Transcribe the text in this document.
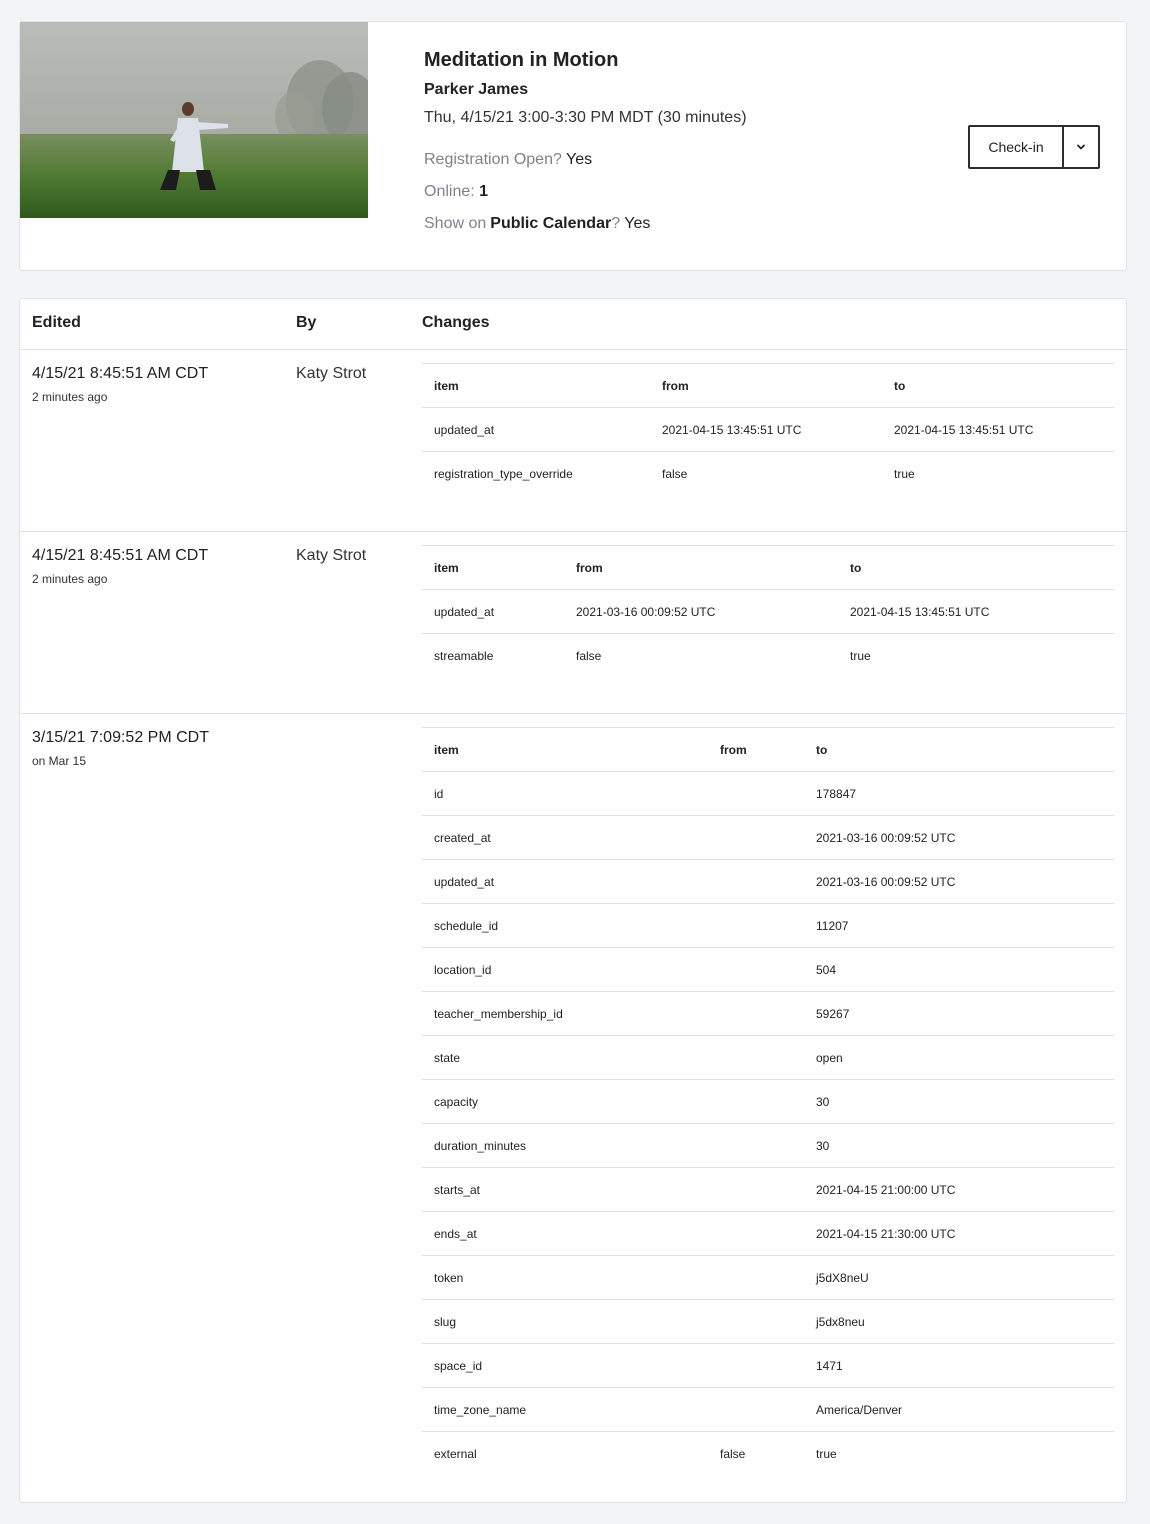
Meditation in Motion
Parker James
Thu, 4/15/21 3:00-3:30 PM MDT (30 minutes)
Registration Open? Yes
Online: 1
Show on Public Calendar? Yes
Check-in
Edited	By	Changes
4/15/21 8:45:51 AM CDT
2 minutes ago
Katy Strot
item	from	to
updated_at	2021-04-15 13:45:51 UTC	2021-04-15 13:45:51 UTC
registration_type_override	false	true
4/15/21 8:45:51 AM CDT
2 minutes ago
Katy Strot
item	from	to
updated_at	2021-03-16 00:09:52 UTC	2021-04-15 13:45:51 UTC
streamable	false	true
3/15/21 7:09:52 PM CDT
on Mar 15
item	from	to
id		178847
created_at		2021-03-16 00:09:52 UTC
updated_at		2021-03-16 00:09:52 UTC
schedule_id		11207
location_id		504
teacher_membership_id		59267
state		open
capacity		30
duration_minutes		30
starts_at		2021-04-15 21:00:00 UTC
ends_at		2021-04-15 21:30:00 UTC
token		j5dX8neU
slug		j5dx8neu
space_id		1471
time_zone_name		America/Denver
external	false	true
